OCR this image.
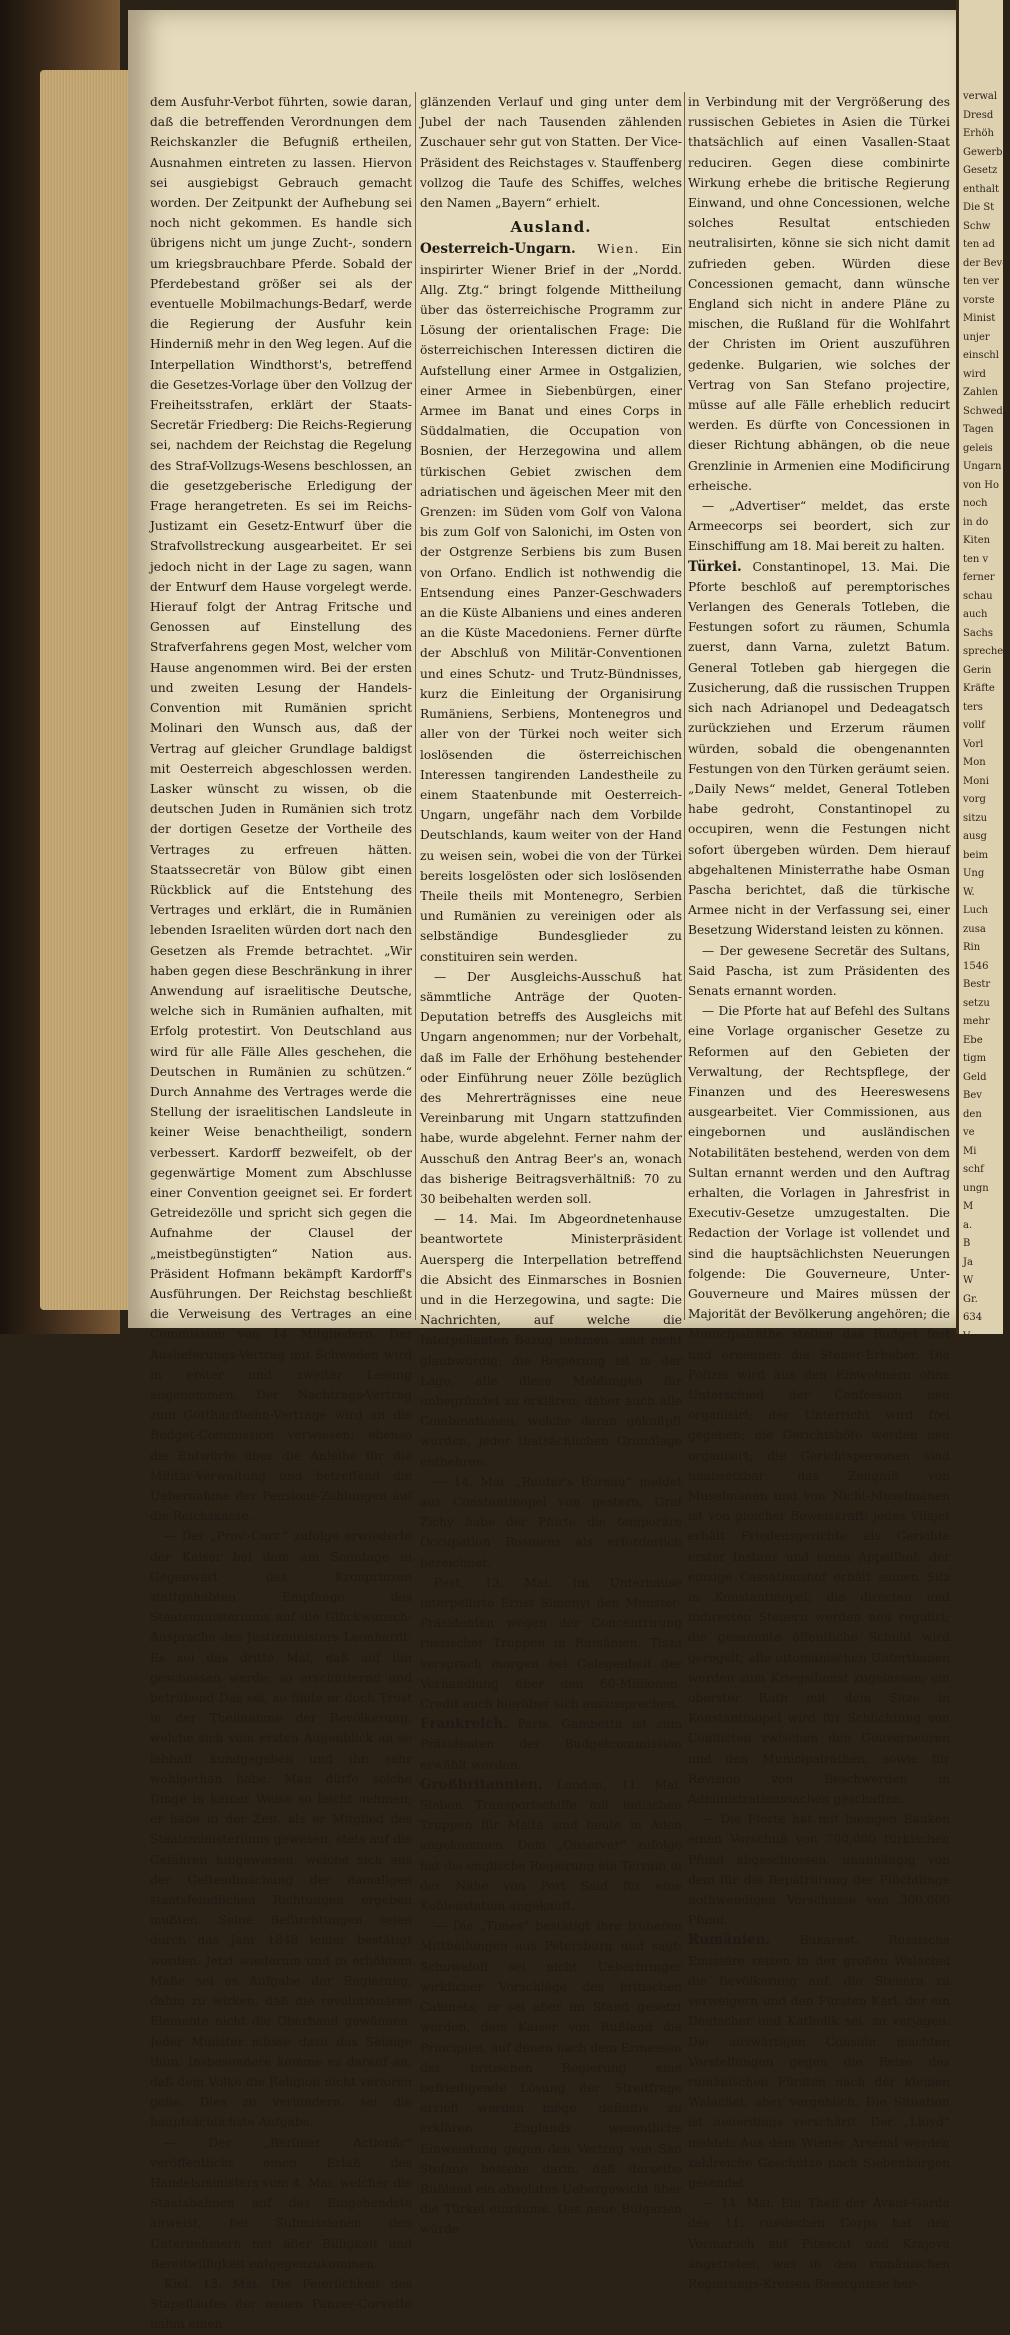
dem Ausfuhr-Verbot führten, sowie daran, daß die betreffenden Verordnungen dem Reichskanzler die Befugniß ertheilen, Ausnahmen eintreten zu lassen. Hiervon sei ausgiebigst Gebrauch gemacht worden. Der Zeitpunkt der Aufhebung sei noch nicht gekommen. Es handle sich übrigens nicht um junge Zucht-, sondern um kriegsbrauchbare Pferde. Sobald der Pferdebestand größer sei als der eventuelle Mobilmachungs-Bedarf, werde die Regierung der Ausfuhr kein Hinderniß mehr in den Weg legen. Auf die Interpellation Windthorst's, betreffend die Gesetzes-Vorlage über den Vollzug der Freiheitsstrafen, erklärt der Staats-Secretär Friedberg: Die Reichs-Regierung sei, nachdem der Reichstag die Regelung des Straf-Vollzugs-Wesens beschlossen, an die gesetzgeberische Erledigung der Frage herangetreten. Es sei im Reichs-Justizamt ein Gesetz-Entwurf über die Strafvollstreckung ausgearbeitet. Er sei jedoch nicht in der Lage zu sagen, wann der Entwurf dem Hause vorgelegt werde. Hierauf folgt der Antrag Fritsche und Genossen auf Einstellung des Strafverfahrens gegen Most, welcher vom Hause angenommen wird. Bei der ersten und zweiten Lesung der Handels-Convention mit Rumänien spricht Molinari den Wunsch aus, daß der Vertrag auf gleicher Grundlage baldigst mit Oesterreich abgeschlossen werden. Lasker wünscht zu wissen, ob die deutschen Juden in Rumänien sich trotz der dortigen Gesetze der Vortheile des Vertrages zu erfreuen hätten. Staatssecretär von Bülow gibt einen Rückblick auf die Entstehung des Vertrages und erklärt, die in Rumänien lebenden Israeliten würden dort nach den Gesetzen als Fremde betrachtet. „Wir haben gegen diese Beschränkung in ihrer Anwendung auf israelitische Deutsche, welche sich in Rumänien aufhalten, mit Erfolg protestirt. Von Deutschland aus wird für alle Fälle Alles geschehen, die Deutschen in Rumänien zu schützen.“ Durch Annahme des Vertrages werde die Stellung der israelitischen Landsleute in keiner Weise benachtheiligt, sondern verbessert. Kardorff bezweifelt, ob der gegenwärtige Moment zum Abschlusse einer Convention geeignet sei. Er fordert Getreidezölle und spricht sich gegen die Aufnahme der Clausel der „meistbegünstigten“ Nation aus. Präsident Hofmann bekämpft Kardorff's Ausführungen. Der Reichstag beschließt die Verweisung des Vertrages an eine Commission von 14 Mitgliedern. Der Auslieferungs-Vertrag mit Schweden wird in erster und zweiter Lesung angenommen. Der Nachtrags-Vertrag zum Gotthardbahn-Vertrage wird an die Budget-Commission verwiesen; ebenso die Entwürfe über die Anleihe für die Militär-Verwaltung und betreffend die Uebernahme der Pensions-Zahlungen auf die Reichskasse.

— Der „Prov.-Corr.“ zufolge erwiederte der Kaiser bei dem am Sonntage in Gegenwart des Kronprinzen stattgehabten Empfange des Staatsministeriums auf die Glückwunsch-Ansprache des Justizministers Leonhardt: Es sei das dritte Mal, daß auf ihn geschossen werde; so erschütternd und betrübend Das sei, so finde er doch Trost in der Theilnahme der Bevölkerung, welche sich vom ersten Augenblick an so lebhaft kundgegeben und ihn sehr wohlgethan habe. Man dürfe solche Dinge in keiner Weise so leicht nehmen; er habe in der Zeit, als er Mitglied des Staatsministeriums gewesen, stets auf die Gefahren hingewiesen, welche sich aus der Geltendmachung der damaligen staatsfeindlichen Richtungen ergeben mußten. Seine Befürchtungen seien durch das Jahr 1848 leider bestätigt worden. Jetzt wiederum und in erhöhtem Maße sei es Aufgabe der Regierung, dahin zu wirken, daß die revolutionären Elemente nicht die Oberhand gewönnen. Jeder Minister müsse dazu das Seinige thun. Insbesondere komme es darauf an, daß dem Volke die Religion nicht verloren gehe. Dies zu verhindern, sei die hauptsächlichste Aufgabe.

— Der „Berliner Actionär“ veröffentlicht einen Erlaß des Handelsministers vom 4. Mai, welcher die Staatsbahnen auf das Eingehendste anweist, bei Submissionen den Unternehmern mit aller Billigkeit und Bereitwilligkeit entgegenzukommen.

Kiel, 13. Mai. Die Feierlichkeit des Stapellaufes der neuen Panzer-Corvette nahm einen

glänzenden Verlauf und ging unter dem Jubel der nach Tausenden zählenden Zuschauer sehr gut von Statten. Der Vice-Präsident des Reichstages v. Stauffenberg vollzog die Taufe des Schiffes, welches den Namen „Bayern“ erhielt.

Ausland.

Oesterreich-Ungarn. Wien. Ein inspirirter Wiener Brief in der „Nordd. Allg. Ztg.“ bringt folgende Mittheilung über das österreichische Programm zur Lösung der orientalischen Frage: Die österreichischen Interessen dictiren die Aufstellung einer Armee in Ostgalizien, einer Armee in Siebenbürgen, einer Armee im Banat und eines Corps in Süddalmatien, die Occupation von Bosnien, der Herzegowina und allem türkischen Gebiet zwischen dem adriatischen und ägeischen Meer mit den Grenzen: im Süden vom Golf von Valona bis zum Golf von Salonichi, im Osten von der Ostgrenze Serbiens bis zum Busen von Orfano. Endlich ist nothwendig die Entsendung eines Panzer-Geschwaders an die Küste Albaniens und eines anderen an die Küste Macedoniens. Ferner dürfte der Abschluß von Militär-Conventionen und eines Schutz- und Trutz-Bündnisses, kurz die Einleitung der Organisirung Rumäniens, Serbiens, Montenegros und aller von der Türkei noch weiter sich loslösenden die österreichischen Interessen tangirenden Landestheile zu einem Staatenbunde mit Oesterreich-Ungarn, ungefähr nach dem Vorbilde Deutschlands, kaum weiter von der Hand zu weisen sein, wobei die von der Türkei bereits losgelösten oder sich loslösenden Theile theils mit Montenegro, Serbien und Rumänien zu vereinigen oder als selbständige Bundesglieder zu constituiren sein werden.

— Der Ausgleichs-Ausschuß hat sämmtliche Anträge der Quoten-Deputation betreffs des Ausgleichs mit Ungarn angenommen; nur der Vorbehalt, daß im Falle der Erhöhung bestehender oder Einführung neuer Zölle bezüglich des Mehrerträgnisses eine neue Vereinbarung mit Ungarn stattzufinden habe, wurde abgelehnt. Ferner nahm der Ausschuß den Antrag Beer's an, wonach das bisherige Beitragsverhältniß: 70 zu 30 beibehalten werden soll.

— 14. Mai. Im Abgeordnetenhause beantwortete Ministerpräsident Auersperg die Interpellation betreffend die Absicht des Einmarsches in Bosnien und in die Herzegowina, und sagte: Die Nachrichten, auf welche die Interpellanten Bezug nehmen, sind nicht glaubwürdig; die Regierung ist in der Lage, alle diese Meldungen für unbegründet zu erklären, daher auch alle Combinationen, welche daran geknüpft wurden, jeder thatsächlichen Grundlage entbehren.

— 14. Mai. „Reuter's Bureau“ meldet aus Constantinopel von gestern, Graf Zichy habe der Pforte die temporäre Occupation Bosniens als erforderlich bezeichnet.

Pest, 13. Mai. Im Unterhause interpellirte Ernst Simonyi den Minister-Präsidenten wegen der Concentrirung russischer Truppen in Rumänien. Tisza versprach morgen bei Gelegenheit der Verhandlung über den 60-Millionen-Credit auch hierüber sich auszusprechen.

Frankreich. Paris. Gambetta ist zum Präsidenten der Budgetcommission erwählt worden.

Großbritannien. London, 11. Mai. Sieben Transportschiffe mit indischen Truppen für Malta sind heute in Aden angekommen. Dem „Observer“ zufolge hat die englische Regierung ein Terrain in der Nähe von Port Said für eine Kohlenstation angekauft.

— Die „Times“ bestätigt ihre früheren Mittheilungen aus Petersburg und sagt: Schuwaloff sei nicht Ueberbringer wirklicher Vorschläge des britischen Cabinets; er sei aber im Stand gesetzt worden, dem Kaiser von Rußland die Principien, auf denen nach dem Ermessen der britischen Regierung eine befriedigende Lösung der Streitfrage erzielt werden möge, definitiv zu erklären. Englands wesentliche Einwendung gegen den Vertrag von San Stefano bestehe darin, daß derselbe Rußland ein absolutes Uebergewicht über die Türkei einräume. Das neue Bulgarien würde

in Verbindung mit der Vergrößerung des russischen Gebietes in Asien die Türkei thatsächlich auf einen Vasallen-Staat reduciren. Gegen diese combinirte Wirkung erhebe die britische Regierung Einwand, und ohne Concessionen, welche solches Resultat entschieden neutralisirten, könne sie sich nicht damit zufrieden geben. Würden diese Concessionen gemacht, dann wünsche England sich nicht in andere Pläne zu mischen, die Rußland für die Wohlfahrt der Christen im Orient auszuführen gedenke. Bulgarien, wie solches der Vertrag von San Stefano projectire, müsse auf alle Fälle erheblich reducirt werden. Es dürfte von Concessionen in dieser Richtung abhängen, ob die neue Grenzlinie in Armenien eine Modificirung erheische.

— „Advertiser“ meldet, das erste Armeecorps sei beordert, sich zur Einschiffung am 18. Mai bereit zu halten.

Türkei. Constantinopel, 13. Mai. Die Pforte beschloß auf peremptorisches Verlangen des Generals Totleben, die Festungen sofort zu räumen, Schumla zuerst, dann Varna, zuletzt Batum. General Totleben gab hiergegen die Zusicherung, daß die russischen Truppen sich nach Adrianopel und Dedeagatsch zurückziehen und Erzerum räumen würden, sobald die obengenannten Festungen von den Türken geräumt seien. „Daily News“ meldet, General Totleben habe gedroht, Constantinopel zu occupiren, wenn die Festungen nicht sofort übergeben würden. Dem hierauf abgehaltenen Ministerrathe habe Osman Pascha berichtet, daß die türkische Armee nicht in der Verfassung sei, einer Besetzung Widerstand leisten zu können.

— Der gewesene Secretär des Sultans, Said Pascha, ist zum Präsidenten des Senats ernannt worden.

— Die Pforte hat auf Befehl des Sultans eine Vorlage organischer Gesetze zu Reformen auf den Gebieten der Verwaltung, der Rechtspflege, der Finanzen und des Heereswesens ausgearbeitet. Vier Commissionen, aus eingebornen und ausländischen Notabilitäten bestehend, werden von dem Sultan ernannt werden und den Auftrag erhalten, die Vorlagen in Jahresfrist in Executiv-Gesetze umzugestalten. Die Redaction der Vorlage ist vollendet und sind die hauptsächlichsten Neuerungen folgende: Die Gouverneure, Unter-Gouverneure und Maires müssen der Majorität der Bevölkerung angehören; die Municipalräthe stellen das Budget fest und ernennen die Steuer-Erheber. Die Polizei wird aus den Einwohnern ohne Unterschied der Confession neu organisirt; der Unterricht wird frei gegeben; die Gerichtshöfe werden neu organisirt; die Gerichtspersonen sind unabsetzbar; das Zeugniß von Muselmanen und von Nicht-Muselmanen ist von gleicher Beweiskraft; jedes Vilajet erhält Friedensgerichte als Gerichte erster Instanz und einen Appellhof; der einzige Cassationshof erhält seinen Sitz in Konstantinopel; die directen und indirecten Steuern werden neu regulirt; die gesammte öffentliche Schuld wird geregelt; alle ottomanischen Unterthanen werden zum Kriegsdienst zugelassen; ein oberster Rath mit dem Sitze in Konstantinopel wird für Schlichtung von Conflicten zwischen den Gouverneuren und den Municipalräthen, sowie für Revision von Beschwerden in Administrationssachen geschaffen.

— Die Pforte hat mit hiesigen Banken einen Vorschuß von 700,000 türkischen Pfund abgeschlossen, unabhängig von dem für die Repatriirung der Flüchtlinge nothwendigen Vorschusse von 300,000 Pfund.

Rumänien. Bukarest. Russische Emissäre reizen in der großen Walachei die Bevölkerung auf, die Steuern zu verweigern und den Fürsten Karl, der ein Deutscher und Katholik sei, zu verjagen. Die auswärtigen Consuln machten Vorstellungen gegen die Reise des rumänischen Fürsten nach der kleinen Walachei, aber vergeblich. Die Situation ist neuerdings verschärft. Der „Lloyd“ meldet: Aus dem Wiener Arsenal werden zahlreiche Geschütze nach Siebenbürgen gesendet.

— 14. Mai. Ein Theil der Avant-Garde des 11. russischen Corps hat den Vormarsch auf Pitescht und Krajova angetreten, was in den rumänischen Regierungs-Kreisen Besorgnisse her-

verwal
Dresd
Erhöh
Gewerb
Gesetz
enthalt
Die St
Schw
ten ad
der Bevö
ten ver
vorste
Minist
unjer
einschl
wird
Zahlen
Schwed
Tagen
geleis
Ungarn
von Ho
noch
in do
Kiten
ten v
ferner
schau
auch
Sachs
sprechen
Gerin
Kräfte
ters
vollf
Vorl
Mon
Moni
vorg
sitzu
ausg
beim
Ung
W.
Luch
zusa
Rin
1546
Bestr
setzu
mehr
Ebe
tigm
Geld
Bev
den
ve
Mi
schf
ungn
M
a.
B
Ja
W
Gr.
634
V.
XI
6
Ab
